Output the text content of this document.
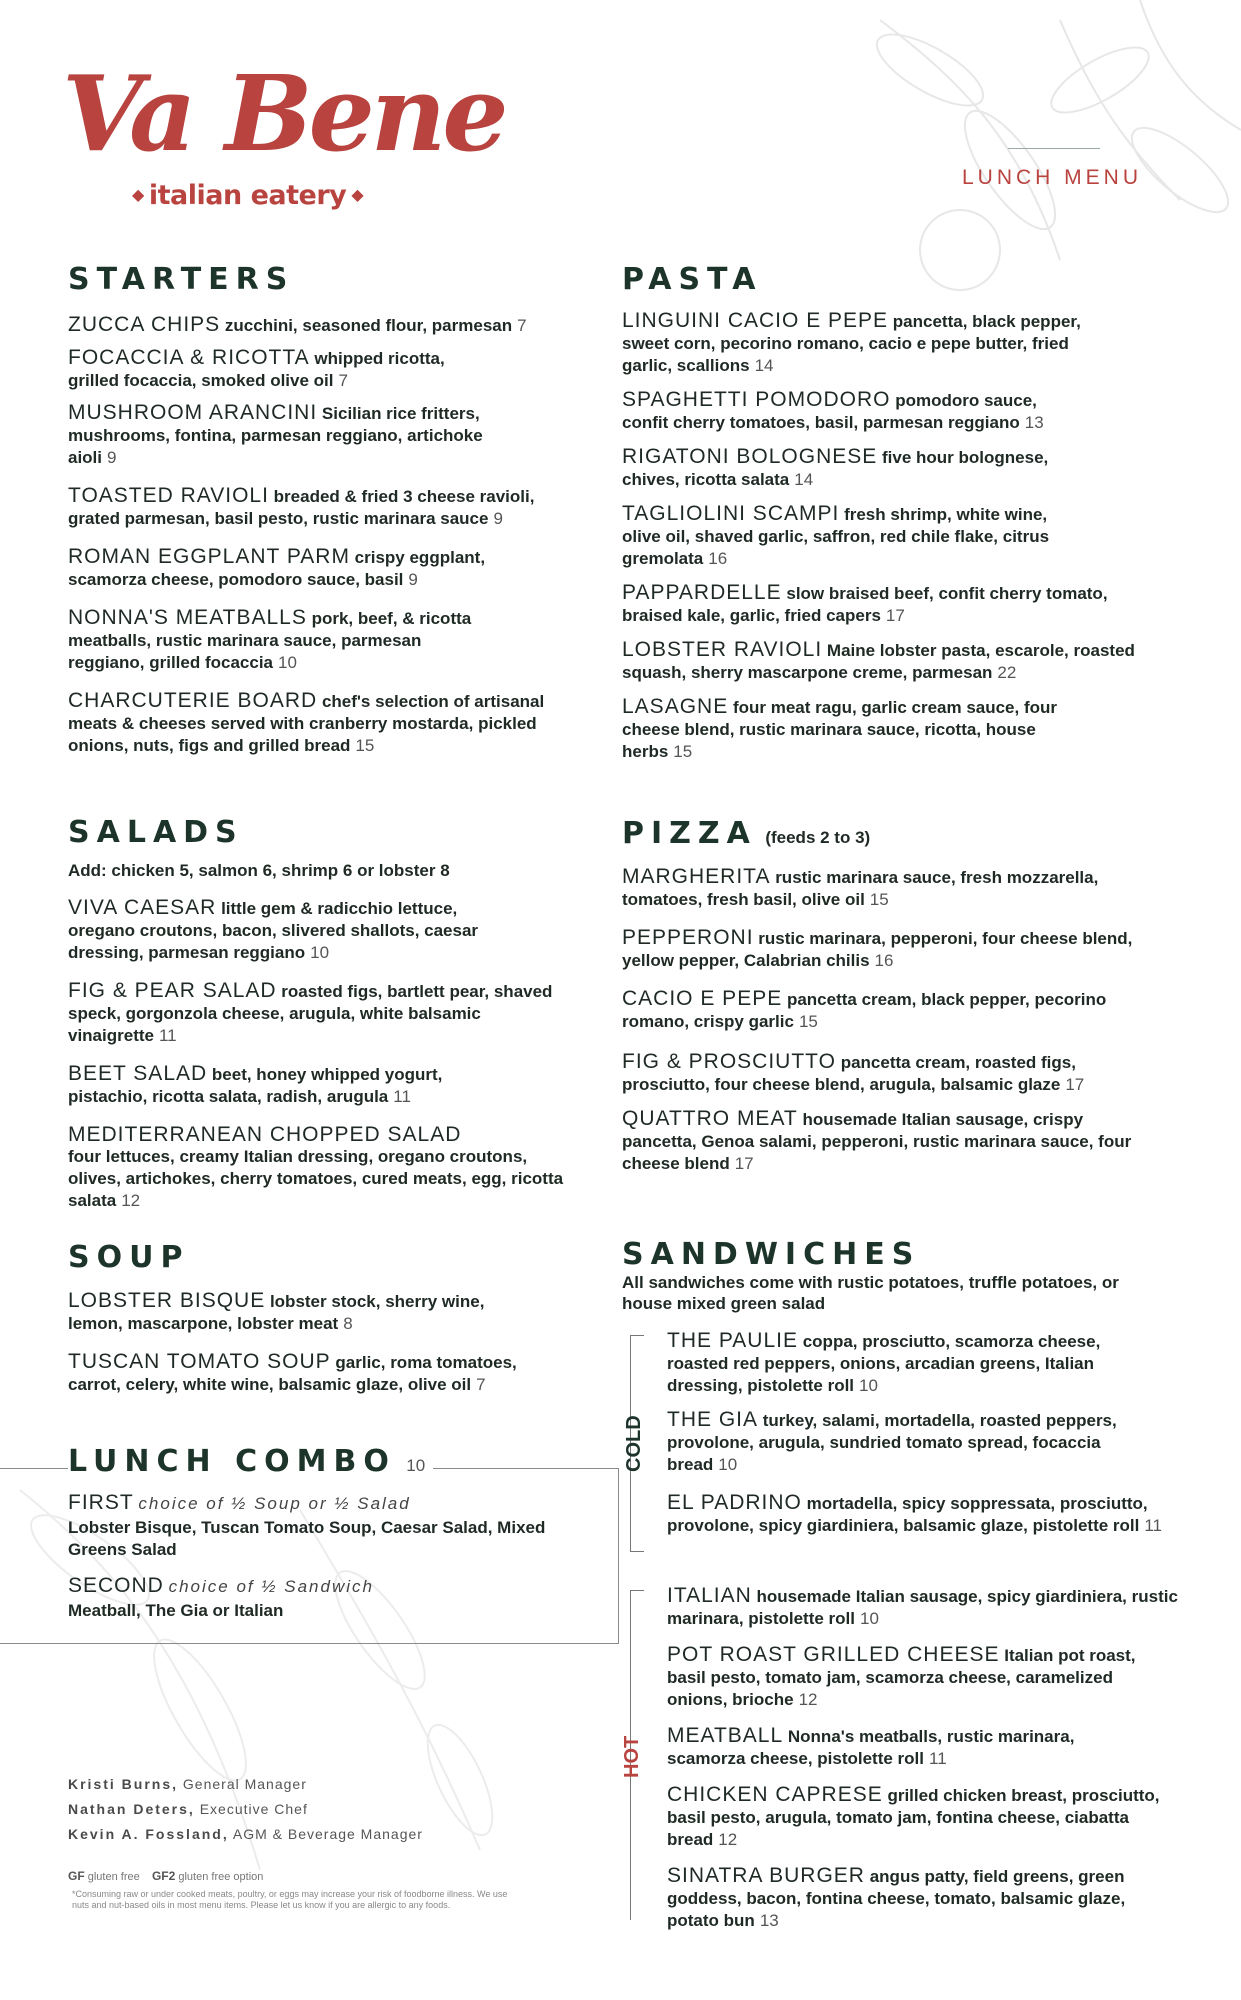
Va Bene
◆ italian eatery ◆
LUNCH MENU
STARTERS
ZUCCA CHIPS zucchini, seasoned flour, parmesan 7
FOCACCIA & RICOTTA whipped ricotta, grilled focaccia, smoked olive oil 7
MUSHROOM ARANCINI Sicilian rice fritters, mushrooms, fontina, parmesan reggiano, artichoke aioli 9
TOASTED RAVIOLI breaded & fried 3 cheese ravioli, grated parmesan, basil pesto, rustic marinara sauce 9
ROMAN EGGPLANT PARM crispy eggplant, scamorza cheese, pomodoro sauce, basil 9
NONNA'S MEATBALLS pork, beef, & ricotta meatballs, rustic marinara sauce, parmesan reggiano, grilled focaccia 10
CHARCUTERIE BOARD chef's selection of artisanal meats & cheeses served with cranberry mostarda, pickled onions, nuts, figs and grilled bread 15
SALADS
Add: chicken 5, salmon 6, shrimp 6 or lobster 8
VIVA CAESAR little gem & radicchio lettuce, oregano croutons, bacon, slivered shallots, caesar dressing, parmesan reggiano 10
FIG & PEAR SALAD roasted figs, bartlett pear, shaved speck, gorgonzola cheese, arugula, white balsamic vinaigrette 11
BEET SALAD beet, honey whipped yogurt, pistachio, ricotta salata, radish, arugula 11
MEDITERRANEAN CHOPPED SALAD
four lettuces, creamy Italian dressing, oregano croutons, olives, artichokes, cherry tomatoes, cured meats, egg, ricotta salata 12
SOUP
LOBSTER BISQUE lobster stock, sherry wine, lemon, mascarpone, lobster meat 8
TUSCAN TOMATO SOUP garlic, roma tomatoes, carrot, celery, white wine, balsamic glaze, olive oil 7
LUNCH COMBO 10
FIRST choice of ½ Soup or ½ Salad
Lobster Bisque, Tuscan Tomato Soup, Caesar Salad, Mixed Greens Salad
SECOND choice of ½ Sandwich
Meatball, The Gia or Italian
Kristi Burns, General Manager
Nathan Deters, Executive Chef
Kevin A. Fossland, AGM & Beverage Manager
GF gluten free GF2 gluten free option
*Consuming raw or under cooked meats, poultry, or eggs may increase your risk of foodborne illness. We use nuts and nut-based oils in most menu items. Please let us know if you are allergic to any foods.
PASTA
LINGUINI CACIO E PEPE pancetta, black pepper, sweet corn, pecorino romano, cacio e pepe butter, fried garlic, scallions 14
SPAGHETTI POMODORO pomodoro sauce, confit cherry tomatoes, basil, parmesan reggiano 13
RIGATONI BOLOGNESE five hour bolognese, chives, ricotta salata 14
TAGLIOLINI SCAMPI fresh shrimp, white wine, olive oil, shaved garlic, saffron, red chile flake, citrus gremolata 16
PAPPARDELLE slow braised beef, confit cherry tomato, braised kale, garlic, fried capers 17
LOBSTER RAVIOLI Maine lobster pasta, escarole, roasted squash, sherry mascarpone creme, parmesan 22
LASAGNE four meat ragu, garlic cream sauce, four cheese blend, rustic marinara sauce, ricotta, house herbs 15
PIZZA (feeds 2 to 3)
MARGHERITA rustic marinara sauce, fresh mozzarella, tomatoes, fresh basil, olive oil 15
PEPPERONI rustic marinara, pepperoni, four cheese blend, yellow pepper, Calabrian chilis 16
CACIO E PEPE pancetta cream, black pepper, pecorino romano, crispy garlic 15
FIG & PROSCIUTTO pancetta cream, roasted figs, prosciutto, four cheese blend, arugula, balsamic glaze 17
QUATTRO MEAT housemade Italian sausage, crispy pancetta, Genoa salami, pepperoni, rustic marinara sauce, four cheese blend 17
SANDWICHES
All sandwiches come with rustic potatoes, truffle potatoes, or house mixed green salad
COLD
THE PAULIE coppa, prosciutto, scamorza cheese, roasted red peppers, onions, arcadian greens, Italian dressing, pistolette roll 10
THE GIA turkey, salami, mortadella, roasted peppers, provolone, arugula, sundried tomato spread, focaccia bread 10
EL PADRINO mortadella, spicy soppressata, prosciutto, provolone, spicy giardiniera, balsamic glaze, pistolette roll 11
HOT
ITALIAN housemade Italian sausage, spicy giardiniera, rustic marinara, pistolette roll 10
POT ROAST GRILLED CHEESE Italian pot roast, basil pesto, tomato jam, scamorza cheese, caramelized onions, brioche 12
MEATBALL Nonna's meatballs, rustic marinara, scamorza cheese, pistolette roll 11
CHICKEN CAPRESE grilled chicken breast, prosciutto, basil pesto, arugula, tomato jam, fontina cheese, ciabatta bread 12
SINATRA BURGER angus patty, field greens, green goddess, bacon, fontina cheese, tomato, balsamic glaze, potato bun 13
